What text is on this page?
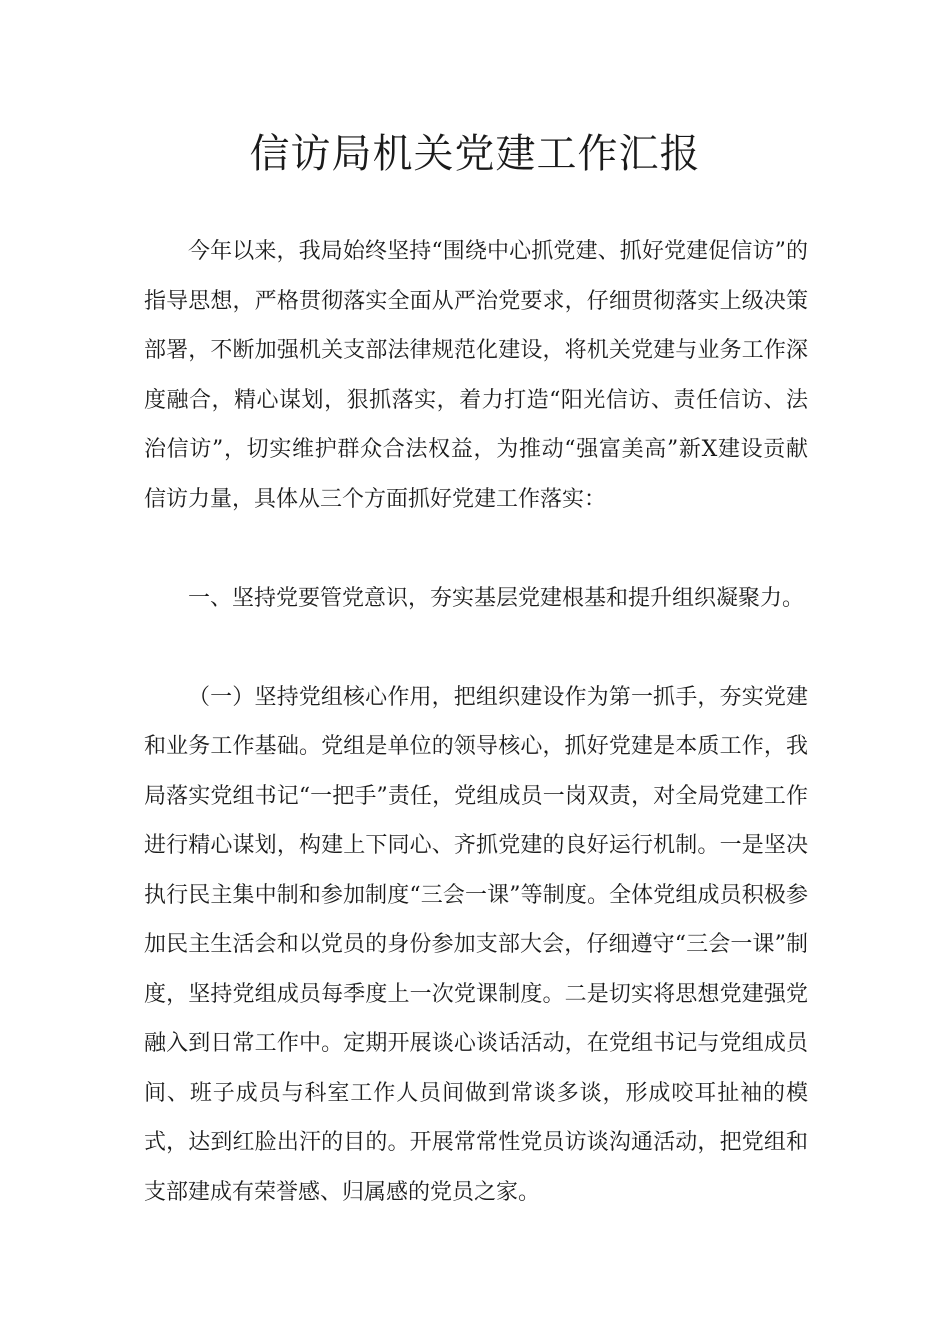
信访局机关党建工作汇报

今年以来，我局始终坚持“围绕中心抓党建、抓好党建促信访”的指导思想，严格贯彻落实全面从严治党要求，仔细贯彻落实上级决策部署，不断加强机关支部法律规范化建设，将机关党建与业务工作深度融合，精心谋划，狠抓落实，着力打造“阳光信访、责任信访、法治信访”，切实维护群众合法权益，为推动“强富美高”新X建设贡献信访力量，具体从三个方面抓好党建工作落实：

一、坚持党要管党意识，夯实基层党建根基和提升组织凝聚力。

（一）坚持党组核心作用，把组织建设作为第一抓手，夯实党建和业务工作基础。党组是单位的领导核心，抓好党建是本质工作，我局落实党组书记“一把手”责任，党组成员一岗双责，对全局党建工作进行精心谋划，构建上下同心、齐抓党建的良好运行机制。一是坚决执行民主集中制和参加制度“三会一课”等制度。全体党组成员积极参加民主生活会和以党员的身份参加支部大会，仔细遵守“三会一课”制度，坚持党组成员每季度上一次党课制度。二是切实将思想党建强党融入到日常工作中。定期开展谈心谈话活动，在党组书记与党组成员间、班子成员与科室工作人员间做到常谈多谈，形成咬耳扯袖的模式，达到红脸出汗的目的。开展常常性党员访谈沟通活动，把党组和支部建成有荣誉感、归属感的党员之家。
